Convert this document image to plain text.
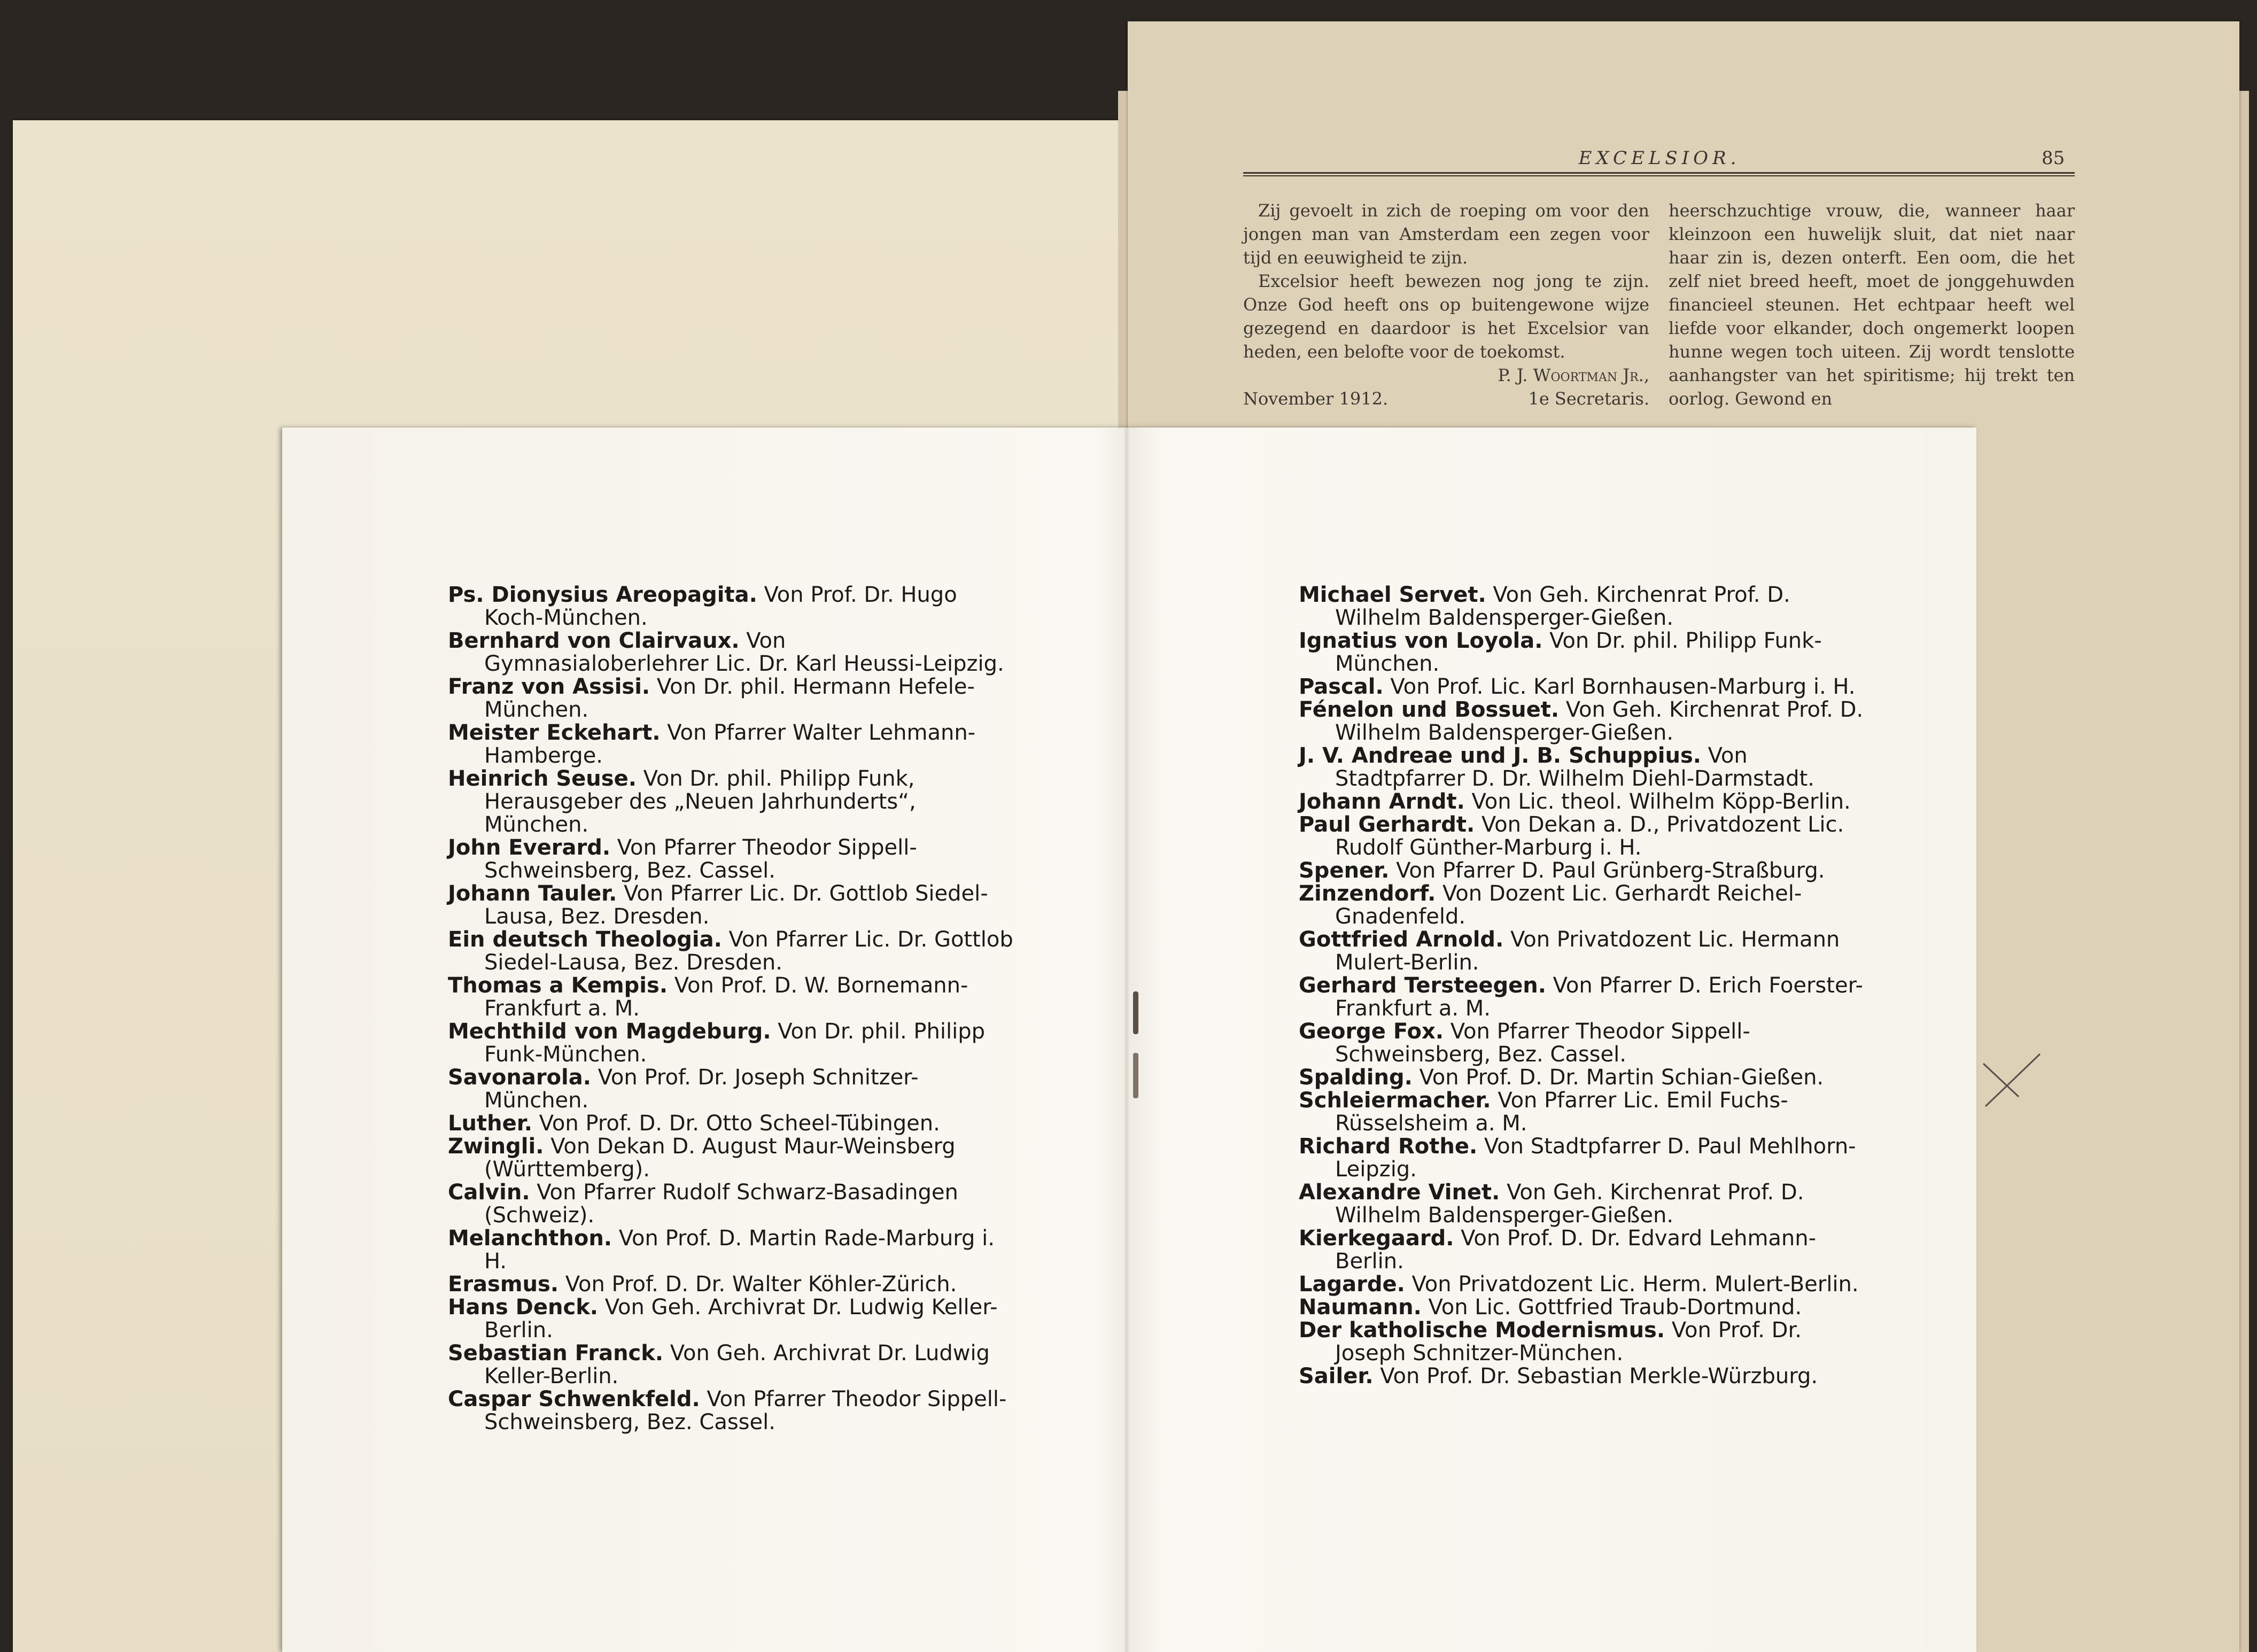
EXCELSIOR.	85

Zij gevoelt in zich de roeping om voor den jongen man van Amsterdam een zegen voor tijd en eeuwigheid te zijn.

Excelsior heeft bewezen nog jong te zijn. Onze God heeft ons op buitengewone wijze gezegend en daardoor is het Excelsior van heden, een belofte voor de toekomst.

P. J. Woortman Jr.,

November 1912.	1e Secretaris.

heerschzuchtige vrouw, die, wanneer haar kleinzoon een huwelijk sluit, dat niet naar haar zin is, dezen onterft. Een oom, die het zelf niet breed heeft, moet de jonggehuwden financieel steunen. Het echtpaar heeft wel liefde voor elkander, doch ongemerkt loopen hunne wegen toch uiteen. Zij wordt tenslotte aanhangster van het spiritisme; hij trekt ten oorlog. Gewond en

Ps. Dionysius Areopagita. Von Prof. Dr. Hugo Koch-München.

Bernhard von Clairvaux. Von Gymnasialoberlehrer Lic. Dr. Karl Heussi-Leipzig.

Franz von Assisi. Von Dr. phil. Hermann Hefele-München.

Meister Eckehart. Von Pfarrer Walter Lehmann-Hamberge.

Heinrich Seuse. Von Dr. phil. Philipp Funk, Herausgeber des „Neuen Jahrhunderts“, München.

John Everard. Von Pfarrer Theodor Sippell-Schweinsberg, Bez. Cassel.

Johann Tauler. Von Pfarrer Lic. Dr. Gottlob Siedel-Lausa, Bez. Dresden.

Ein deutsch Theologia. Von Pfarrer Lic. Dr. Gottlob Siedel-Lausa, Bez. Dresden.

Thomas a Kempis. Von Prof. D. W. Bornemann-Frankfurt a. M.

Mechthild von Magdeburg. Von Dr. phil. Philipp Funk-München.

Savonarola. Von Prof. Dr. Joseph Schnitzer-München.

Luther. Von Prof. D. Dr. Otto Scheel-Tübingen.

Zwingli. Von Dekan D. August Maur-Weinsberg (Württemberg).

Calvin. Von Pfarrer Rudolf Schwarz-Basadingen (Schweiz).

Melanchthon. Von Prof. D. Martin Rade-Marburg i. H.

Erasmus. Von Prof. D. Dr. Walter Köhler-Zürich.

Hans Denck. Von Geh. Archivrat Dr. Ludwig Keller-Berlin.

Sebastian Franck. Von Geh. Archivrat Dr. Ludwig Keller-Berlin.

Caspar Schwenkfeld. Von Pfarrer Theodor Sippell-Schweinsberg, Bez. Cassel.

Michael Servet. Von Geh. Kirchenrat Prof. D. Wilhelm Baldensperger-Gießen.

Ignatius von Loyola. Von Dr. phil. Philipp Funk-München.

Pascal. Von Prof. Lic. Karl Bornhausen-Marburg i. H.

Fénelon und Bossuet. Von Geh. Kirchenrat Prof. D. Wilhelm Baldensperger-Gießen.

J. V. Andreae und J. B. Schuppius. Von Stadtpfarrer D. Dr. Wilhelm Diehl-Darmstadt.

Johann Arndt. Von Lic. theol. Wilhelm Köpp-Berlin.

Paul Gerhardt. Von Dekan a. D., Privatdozent Lic. Rudolf Günther-Marburg i. H.

Spener. Von Pfarrer D. Paul Grünberg-Straßburg.

Zinzendorf. Von Dozent Lic. Gerhardt Reichel-Gnadenfeld.

Gottfried Arnold. Von Privatdozent Lic. Hermann Mulert-Berlin.

Gerhard Tersteegen. Von Pfarrer D. Erich Foerster-Frankfurt a. M.

George Fox. Von Pfarrer Theodor Sippell-Schweinsberg, Bez. Cassel.

Spalding. Von Prof. D. Dr. Martin Schian-Gießen.

Schleiermacher. Von Pfarrer Lic. Emil Fuchs-Rüsselsheim a. M.

Richard Rothe. Von Stadtpfarrer D. Paul Mehlhorn-Leipzig.

Alexandre Vinet. Von Geh. Kirchenrat Prof. D. Wilhelm Baldensperger-Gießen.

Kierkegaard. Von Prof. D. Dr. Edvard Lehmann-Berlin.

Lagarde. Von Privatdozent Lic. Herm. Mulert-Berlin.

Naumann. Von Lic. Gottfried Traub-Dortmund.

Der katholische Modernismus. Von Prof. Dr. Joseph Schnitzer-München.

Sailer. Von Prof. Dr. Sebastian Merkle-Würzburg.
